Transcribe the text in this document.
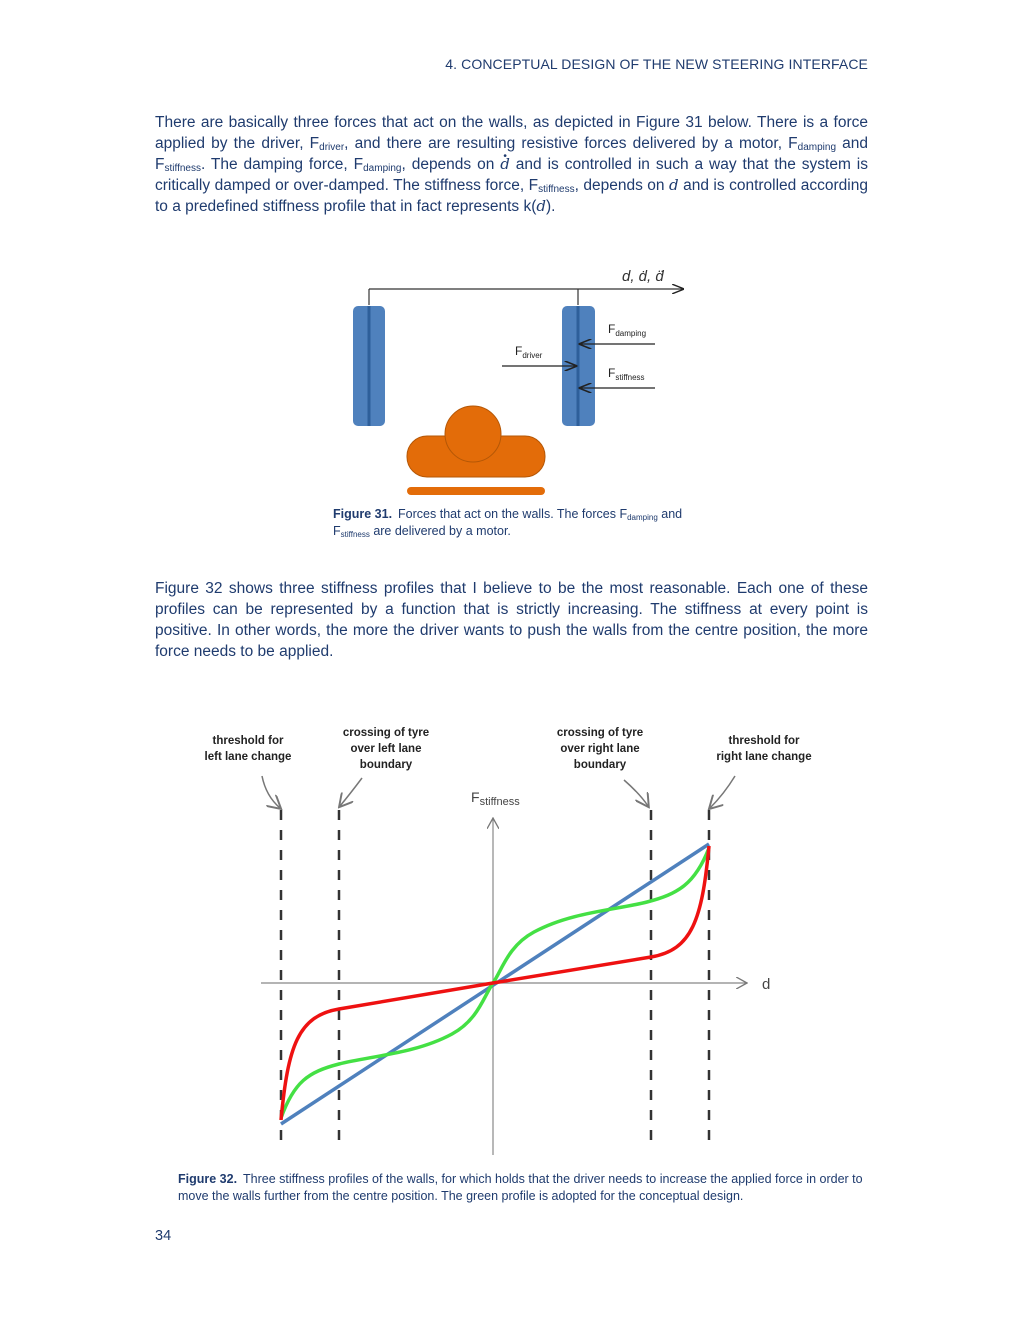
4. CONCEPTUAL DESIGN OF THE NEW STEERING INTERFACE
There are basically three forces that act on the walls, as depicted in Figure 31 below. There is a force applied by the driver, $F_{driver}$, and there are resulting resistive forces delivered by a motor, $F_{damping}$ and $F_{stiffness}$. The damping force, $F_{damping}$, depends on . d and is controlled in such a way that the system is critically damped or over-damped. The stiffness force, $F_{stiffness}$, depends on d and is controlled according to a predefined stiffness profile that in fact represents k(d).
d, ḋ, d̈
$F_{driver}$
$F_{damping}$
$F_{stiffness}$
Figure 31. Forces that act on the walls. The forces $F_{damping}$ and $F_{stiffness}$ are delivered by a motor.
Figure 32 shows three stiffness profiles that I believe to be the most reasonable. Each one of these profiles can be represented by a function that is strictly increasing. The stiffness at every point is positive. In other words, the more the driver wants to push the walls from the centre position, the more force needs to be applied.
threshold for
left lane change
crossing of tyre
over left lane
boundary
crossing of tyre
over right lane
boundary
threshold for
right lane change
d
$F_{stiffness}$
Figure 32. Three stiffness profiles of the walls, for which holds that the driver needs to increase the applied force in order to move the walls further from the centre position. The green profile is adopted for the conceptual design.
34
